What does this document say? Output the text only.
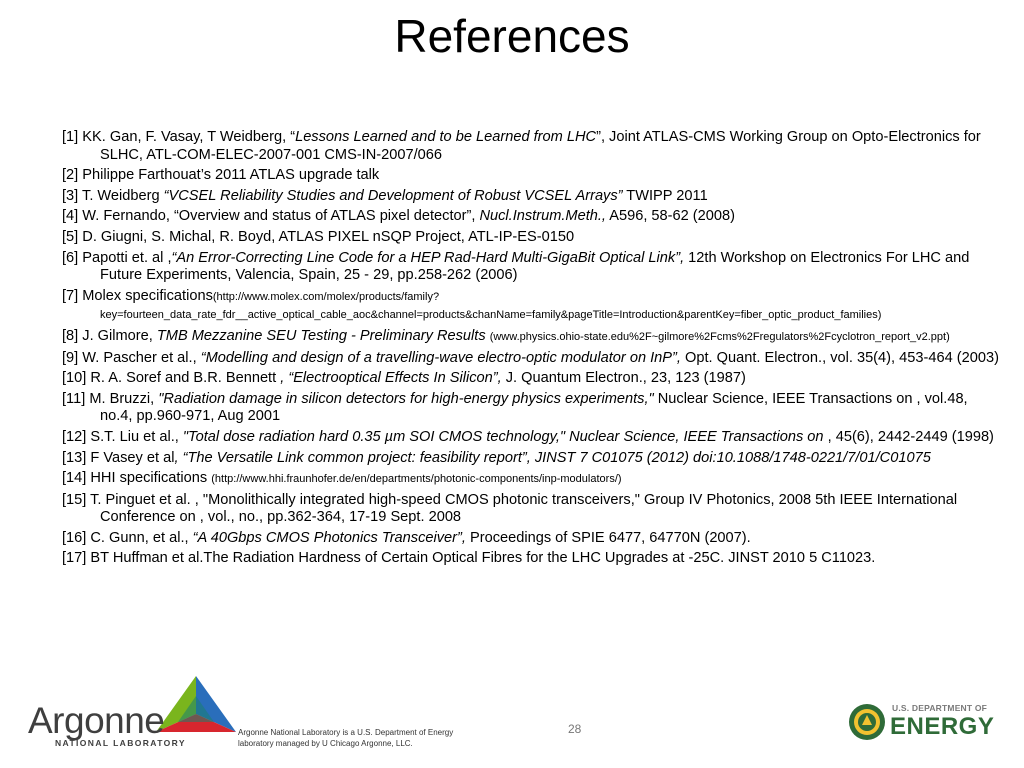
References
[1] KK. Gan, F. Vasay, T Weidberg, “Lessons Learned and to be Learned from LHC”, Joint ATLAS-CMS Working Group on Opto-Electronics for SLHC, ATL-COM-ELEC-2007-001 CMS-IN-2007/066
[2] Philippe Farthouat’s 2011 ATLAS upgrade talk
[3] T. Weidberg “VCSEL Reliability Studies and Development of Robust VCSEL Arrays” TWIPP 2011
[4] W. Fernando, “Overview and status of ATLAS pixel detector”, Nucl.Instrum.Meth., A596, 58-62 (2008)
[5] D. Giugni, S. Michal, R. Boyd, ATLAS PIXEL nSQP Project, ATL-IP-ES-0150
[6] Papotti et. al ,“An Error-Correcting Line Code for a HEP Rad-Hard Multi-GigaBit Optical Link”, 12th Workshop on Electronics For LHC and Future Experiments, Valencia, Spain, 25 - 29, pp.258-262 (2006)
[7] Molex specifications(http://www.molex.com/molex/products/family?key=fourteen_data_rate_fdr__active_optical_cable_aoc&channel=products&chanName=family&pageTitle=Introduction&parentKey=fiber_optic_product_families)
[8] J. Gilmore, TMB Mezzanine SEU Testing - Preliminary Results (www.physics.ohio-state.edu%2F~gilmore%2Fcms%2Fregulators%2Fcyclotron_report_v2.ppt)
[9] W. Pascher et al., “Modelling and design of a travelling-wave electro-optic modulator on InP”, Opt. Quant. Electron., vol. 35(4), 453-464 (2003)
[10] R. A. Soref and B.R. Bennett , “Electrooptical Effects In Silicon”, J. Quantum Electron., 23, 123 (1987)
[11] M. Bruzzi, "Radiation damage in silicon detectors for high-energy physics experiments," Nuclear Science, IEEE Transactions on , vol.48, no.4, pp.960-971, Aug 2001
[12] S.T. Liu et al., "Total dose radiation hard 0.35 µm SOI CMOS technology," Nuclear Science, IEEE Transactions on , 45(6), 2442-2449 (1998)
[13] F Vasey et al, “The Versatile Link common project: feasibility report”, JINST 7 C01075 (2012) doi:10.1088/1748-0221/7/01/C01075
[14] HHI specifications (http://www.hhi.fraunhofer.de/en/departments/photonic-components/inp-modulators/)
[15] T. Pinguet et al. , "Monolithically integrated high-speed CMOS photonic transceivers," Group IV Photonics, 2008 5th IEEE International Conference on , vol., no., pp.362-364, 17-19 Sept. 2008
[16] C. Gunn, et al., “A 40Gbps CMOS Photonics Transceiver”, Proceedings of SPIE 6477, 64770N (2007).
[17] BT Huffman et al.The Radiation Hardness of Certain Optical Fibres for the LHC Upgrades at -25C. JINST 2010 5 C11023.
Argonne
NATIONAL LABORATORY
Argonne National Laboratory is a U.S. Department of Energy laboratory managed by U Chicago Argonne, LLC.
28
U.S. DEPARTMENT OF
ENERGY
